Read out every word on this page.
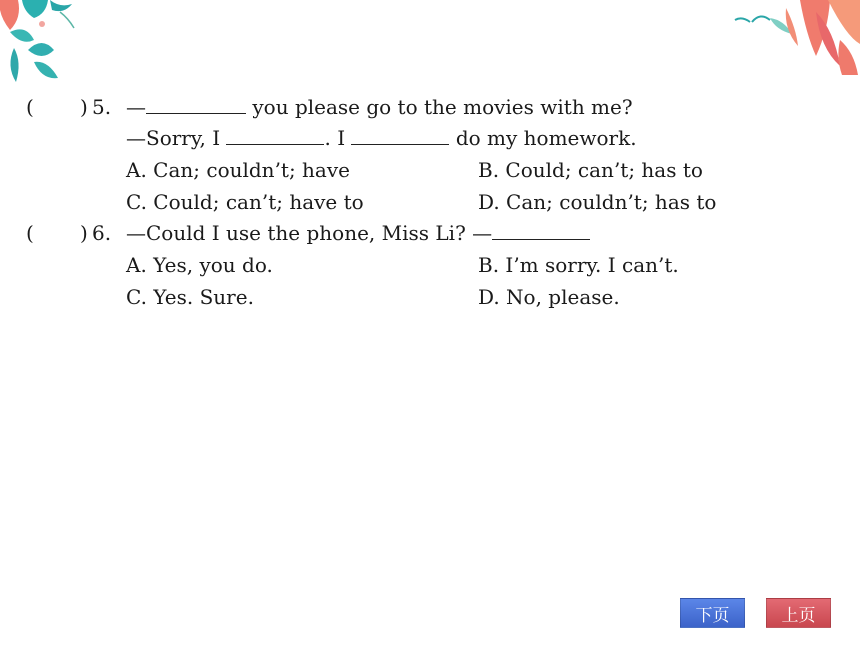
( ) 5. —	you please go to the movies with me?
—Sorry, I	. I	do my homework.
A. Can; couldn’t; have	B. Could; can’t; has to
C. Could; can’t; have to	D. Can; couldn’t; has to
( ) 6. —Could I use the phone, Miss Li? —
A. Yes, you do.	B. I’m sorry. I can’t.
C. Yes. Sure.	D. No, please.
下页	上页
